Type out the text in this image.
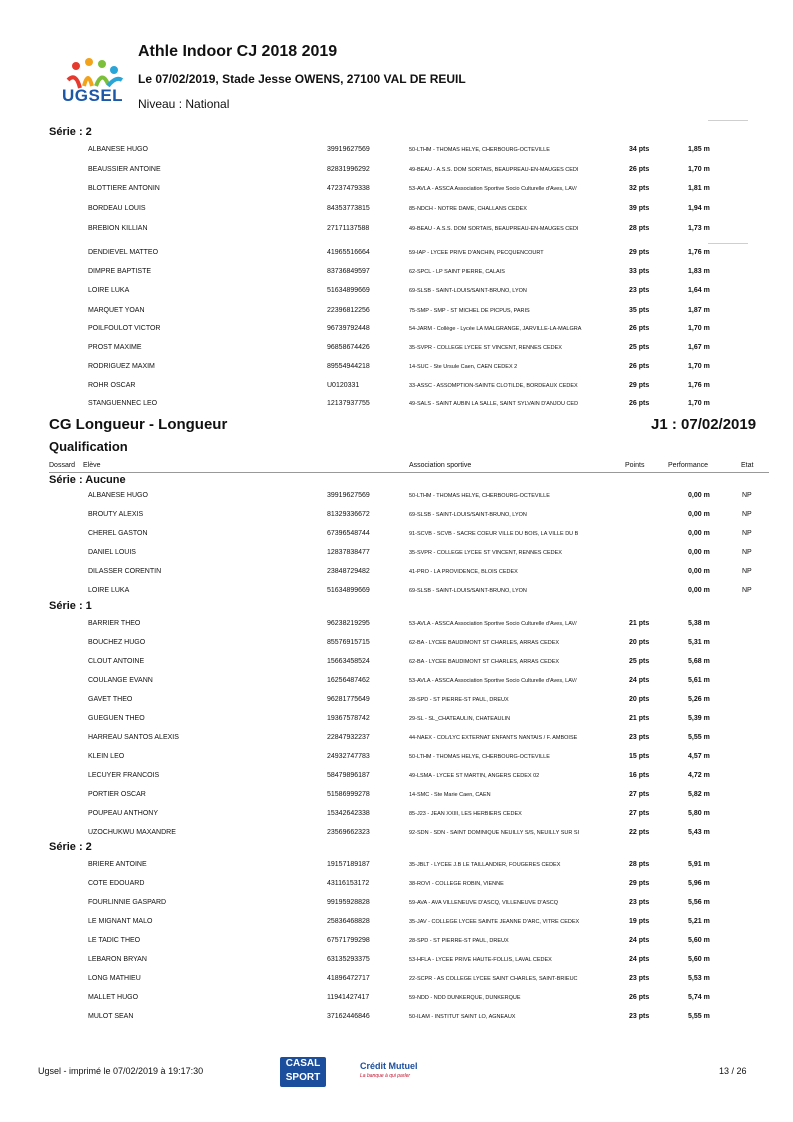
UGSEL
Athle Indoor CJ 2018 2019
Le 07/02/2019, Stade Jesse OWENS, 27100 VAL DE REUIL
Niveau : National
Série : 2
ALBANESE HUGO	39919627569	50-LTHM - THOMAS HELYE, CHERBOURG-OCTEVILLE	34 pts	1,85 m
BEAUSSIER ANTOINE	82831996292	49-BEAU - A.S.S. DOM SORTAIS, BEAUPREAU-EN-MAUGES CEDI	26 pts	1,70 m
BLOTTIERE ANTONIN	47237479338	53-AVLA - ASSCA Association Sportive Socio Culturelle d'Aves, LAV/	32 pts	1,81 m
BORDEAU LOUIS	84353773815	85-NDCH - NOTRE DAME, CHALLANS CEDEX	39 pts	1,94 m
BREBION KILLIAN	27171137588	49-BEAU - A.S.S. DOM SORTAIS, BEAUPREAU-EN-MAUGES CEDI	28 pts	1,73 m
DENDIEVEL MATTEO	41965516664	59-IAP - LYCEE PRIVE D'ANCHIN, PECQUENCOURT	29 pts	1,76 m
DIMPRE BAPTISTE	83736849597	62-SPCL - LP SAINT PIERRE, CALAIS	33 pts	1,83 m
LOIRE LUKA	51634899669	69-SLSB - SAINT-LOUIS/SAINT-BRUNO, LYON	23 pts	1,64 m
MARQUET YOAN	22396812256	75-SMP - SMP - ST MICHEL DE PICPUS, PARIS	35 pts	1,87 m
POILFOULOT VICTOR	96739792448	54-JARM - Collège - Lycée LA MALGRANGE, JARVILLE-LA-MALGRA	26 pts	1,70 m
PROST MAXIME	96858674426	35-SVPR - COLLEGE LYCEE ST VINCENT, RENNES CEDEX	25 pts	1,67 m
RODRIGUEZ MAXIM	89554944218	14-SUC - Ste Ursule Caen, CAEN CEDEX 2	26 pts	1,70 m
ROHR OSCAR	U0120331	33-ASSC - ASSOMPTION-SAINTE CLOTILDE, BORDEAUX CEDEX	29 pts	1,76 m
STANGUENNEC LEO	12137937755	49-SALS - SAINT AUBIN LA SALLE, SAINT SYLVAIN D'ANJOU CED	26 pts	1,70 m
CG Longueur - Longueur	J1 : 07/02/2019
Qualification
Dossard Elève	Association sportive	Points	Performance	Etat
Série : Aucune
ALBANESE HUGO	39919627569	50-LTHM - THOMAS HELYE, CHERBOURG-OCTEVILLE	0,00 m	NP
BROUTY ALEXIS	81329336672	69-SLSB - SAINT-LOUIS/SAINT-BRUNO, LYON	0,00 m	NP
CHEREL GASTON	67396548744	91-SCVB - SCVB - SACRE COEUR VILLE DU BOIS, LA VILLE DU B	0,00 m	NP
DANIEL LOUIS	12837838477	35-SVPR - COLLEGE LYCEE ST VINCENT, RENNES CEDEX	0,00 m	NP
DILASSER CORENTIN	23848729482	41-PRO - LA PROVIDENCE, BLOIS CEDEX	0,00 m	NP
LOIRE LUKA	51634899669	69-SLSB - SAINT-LOUIS/SAINT-BRUNO, LYON	0,00 m	NP
Série : 1
BARRIER THEO	96238219295	53-AVLA - ASSCA Association Sportive Socio Culturelle d'Aves, LAV/	21 pts	5,38 m
BOUCHEZ HUGO	85576915715	62-BA - LYCEE BAUDIMONT ST CHARLES, ARRAS CEDEX	20 pts	5,31 m
CLOUT ANTOINE	15663458524	62-BA - LYCEE BAUDIMONT ST CHARLES, ARRAS CEDEX	25 pts	5,68 m
COULANGE EVANN	16256487462	53-AVLA - ASSCA Association Sportive Socio Culturelle d'Aves, LAV/	24 pts	5,61 m
GAVET THEO	96281775649	28-SPD - ST PIERRE-ST PAUL, DREUX	20 pts	5,26 m
GUEGUEN THEO	19367578742	29-SL - SL_CHATEAULIN, CHATEAULIN	21 pts	5,39 m
HARREAU SANTOS ALEXIS	22847932237	44-NAEX - COL/LYC EXTERNAT ENFANTS NANTAIS / F. AMBOISE	23 pts	5,55 m
KLEIN LEO	24932747783	50-LTHM - THOMAS HELYE, CHERBOURG-OCTEVILLE	15 pts	4,57 m
LECUYER FRANCOIS	58479896187	49-LSMA - LYCEE ST MARTIN, ANGERS CEDEX 02	16 pts	4,72 m
PORTIER OSCAR	51586999278	14-SMC - Ste Marie Caen, CAEN	27 pts	5,82 m
POUPEAU ANTHONY	15342642338	85-J23 - JEAN XXIII, LES HERBIERS CEDEX	27 pts	5,80 m
UZOCHUKWU MAXANDRE	23569662323	92-SDN - SDN - SAINT DOMINIQUE NEUILLY S/S, NEUILLY SUR SI	22 pts	5,43 m
Série : 2
BRIERE ANTOINE	19157189187	35-JBLT - LYCEE J.B LE TAILLANDIER, FOUGERES CEDEX	28 pts	5,91 m
COTE EDOUARD	43116153172	38-ROVI - COLLEGE ROBIN, VIENNE	29 pts	5,96 m
FOURLINNIE GASPARD	99195928828	59-AVA - AVA VILLENEUVE D'ASCQ, VILLENEUVE D'ASCQ	23 pts	5,56 m
LE MIGNANT MALO	25836468828	35-JAV - COLLEGE LYCEE SAINTE JEANNE D'ARC, VITRE CEDEX	19 pts	5,21 m
LE TADIC THEO	67571799298	28-SPD - ST PIERRE-ST PAUL, DREUX	24 pts	5,60 m
LEBARON BRYAN	63135293375	53-HFLA - LYCEE PRIVE HAUTE-FOLLIS, LAVAL CEDEX	24 pts	5,60 m
LONG MATHIEU	41896472717	22-SCPR - AS COLLEGE LYCEE SAINT CHARLES, SAINT-BRIEUC	23 pts	5,53 m
MALLET HUGO	11941427417	59-NDD - NDD DUNKERQUE, DUNKERQUE	26 pts	5,74 m
MULOT SEAN	37162446846	50-ILAM - INSTITUT SAINT LO, AGNEAUX	23 pts	5,55 m
Ugsel - imprimé le 07/02/2019 à 19:17:30
CASAL
SPORT
Crédit Mutuel
La banque à qui parler	13 / 26
